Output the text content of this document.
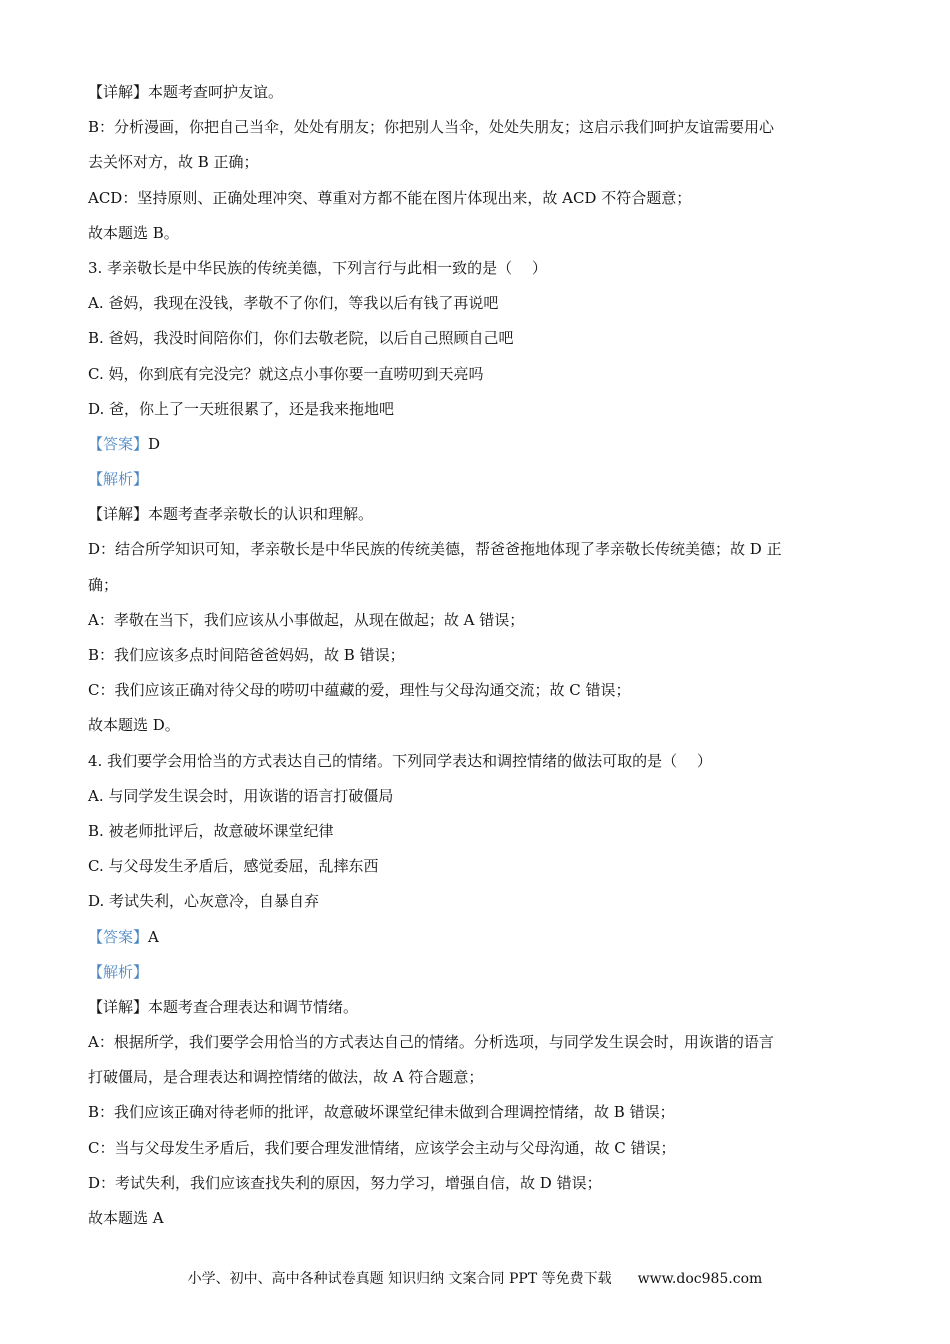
【详解】本题考查呵护友谊。
B：分析漫画，你把自己当伞，处处有朋友；你把别人当伞，处处失朋友；这启示我们呵护友谊需要用心
去关怀对方，故 B 正确；
ACD：坚持原则、正确处理冲突、尊重对方都不能在图片体现出来，故 ACD 不符合题意；
故本题选 B。
3. 孝亲敬长是中华民族的传统美德，下列言行与此相一致的是（　 ）
A. 爸妈，我现在没钱，孝敬不了你们，等我以后有钱了再说吧
B. 爸妈，我没时间陪你们，你们去敬老院，以后自己照顾自己吧
C. 妈，你到底有完没完？就这点小事你要一直唠叨到天亮吗
D. 爸，你上了一天班很累了，还是我来拖地吧
【答案】D
【解析】
【详解】本题考查孝亲敬长的认识和理解。
D：结合所学知识可知，孝亲敬长是中华民族的传统美德，帮爸爸拖地体现了孝亲敬长传统美德；故 D 正
确；
A：孝敬在当下，我们应该从小事做起，从现在做起；故 A 错误；
B：我们应该多点时间陪爸爸妈妈，故 B 错误；
C：我们应该正确对待父母的唠叨中蕴藏的爱，理性与父母沟通交流；故 C 错误；
故本题选 D。
4. 我们要学会用恰当的方式表达自己的情绪。下列同学表达和调控情绪的做法可取的是（　 ）
A. 与同学发生误会时，用诙谐的语言打破僵局
B. 被老师批评后，故意破坏课堂纪律
C. 与父母发生矛盾后，感觉委屈，乱摔东西
D. 考试失利，心灰意冷，自暴自弃
【答案】A
【解析】
【详解】本题考查合理表达和调节情绪。
A：根据所学，我们要学会用恰当的方式表达自己的情绪。分析选项，与同学发生误会时，用诙谐的语言
打破僵局，是合理表达和调控情绪的做法，故 A 符合题意；
B：我们应该正确对待老师的批评，故意破坏课堂纪律未做到合理调控情绪，故 B 错误；
C：当与父母发生矛盾后，我们要合理发泄情绪，应该学会主动与父母沟通，故 C 错误；
D：考试失利，我们应该查找失利的原因，努力学习，增强自信，故 D 错误；
故本题选 A
小学、初中、高中各种试卷真题 知识归纳 文案合同 PPT 等免费下载 www.doc985.com
